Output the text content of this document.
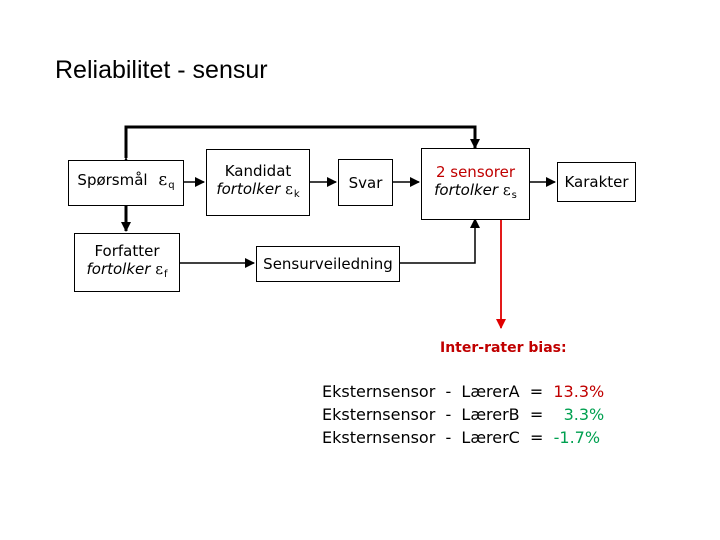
Reliabilitet - sensur
Spørsmål $\varepsilon_q$
Forfatter
fortolker $\varepsilon_f$
Kandidat
fortolker $\varepsilon_k$
Svar
2 sensorer
fortolker $\varepsilon_s$
Karakter
Sensurveiledning
Inter-rater bias:
Eksternsensor  -  LærerA  =  13.3%
Eksternsensor  -  LærerB  =    3.3%
Eksternsensor  -  LærerC  =  -1.7%
